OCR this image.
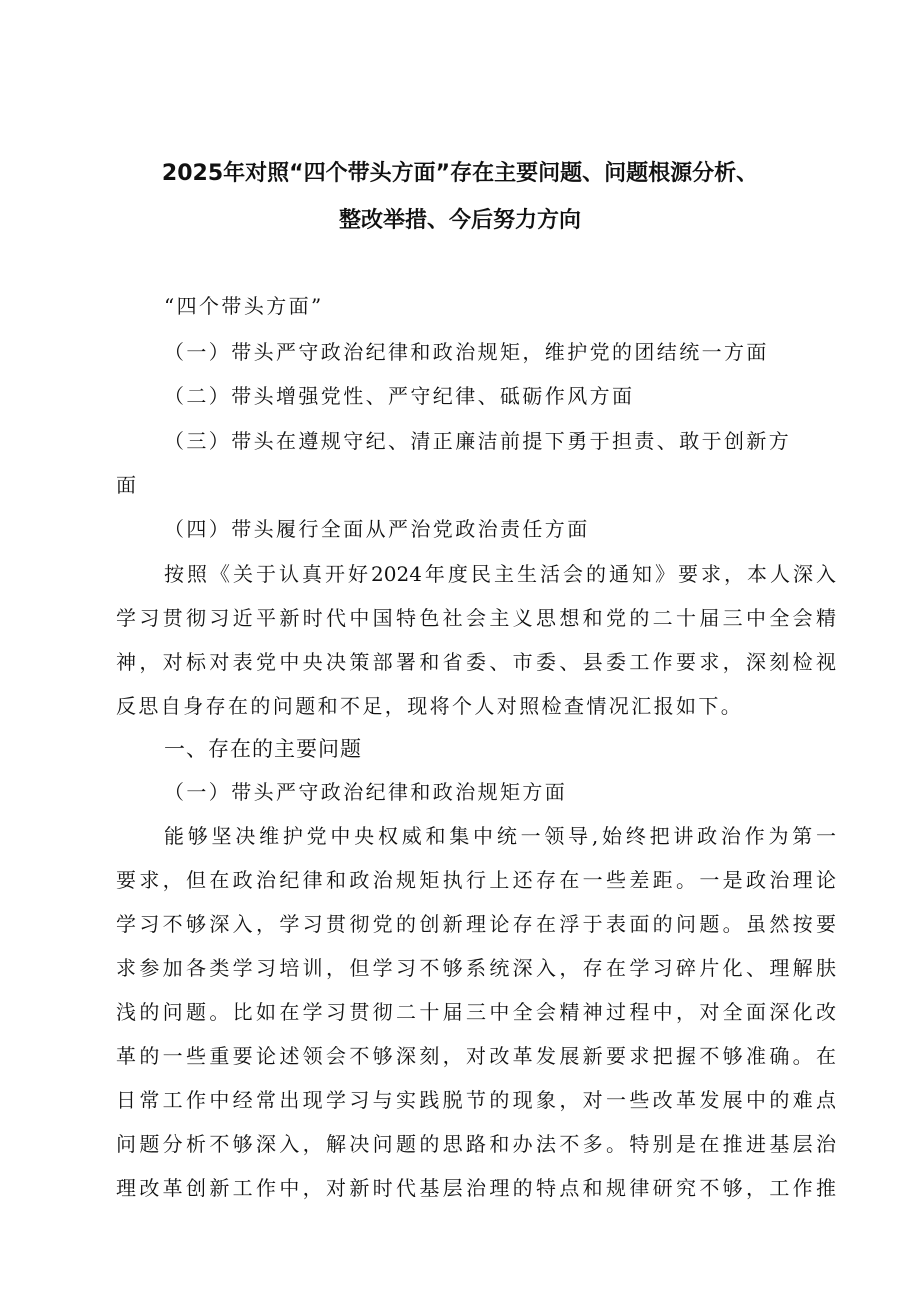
2025年对照“四个带头方面”存在主要问题、问题根源分析、
整改举措、今后努力方向
“四个带头方面”
（一）带头严守政治纪律和政治规矩，维护党的团结统一方面
（二）带头增强党性、严守纪律、砥砺作风方面
（三）带头在遵规守纪、清正廉洁前提下勇于担责、敢于创新方
面
（四）带头履行全面从严治党政治责任方面
按照《关于认真开好2024年度民主生活会的通知》要求，本人深入
学习贯彻习近平新时代中国特色社会主义思想和党的二十届三中全会精
神，对标对表党中央决策部署和省委、市委、县委工作要求，深刻检视
反思自身存在的问题和不足，现将个人对照检查情况汇报如下。
一、存在的主要问题
（一）带头严守政治纪律和政治规矩方面
能够坚决维护党中央权威和集中统一领导,始终把讲政治作为第一
要求，但在政治纪律和政治规矩执行上还存在一些差距。一是政治理论
学习不够深入，学习贯彻党的创新理论存在浮于表面的问题。虽然按要
求参加各类学习培训，但学习不够系统深入，存在学习碎片化、理解肤
浅的问题。比如在学习贯彻二十届三中全会精神过程中，对全面深化改
革的一些重要论述领会不够深刻，对改革发展新要求把握不够准确。在
日常工作中经常出现学习与实践脱节的现象，对一些改革发展中的难点
问题分析不够深入，解决问题的思路和办法不多。特别是在推进基层治
理改革创新工作中，对新时代基层治理的特点和规律研究不够，工作推
